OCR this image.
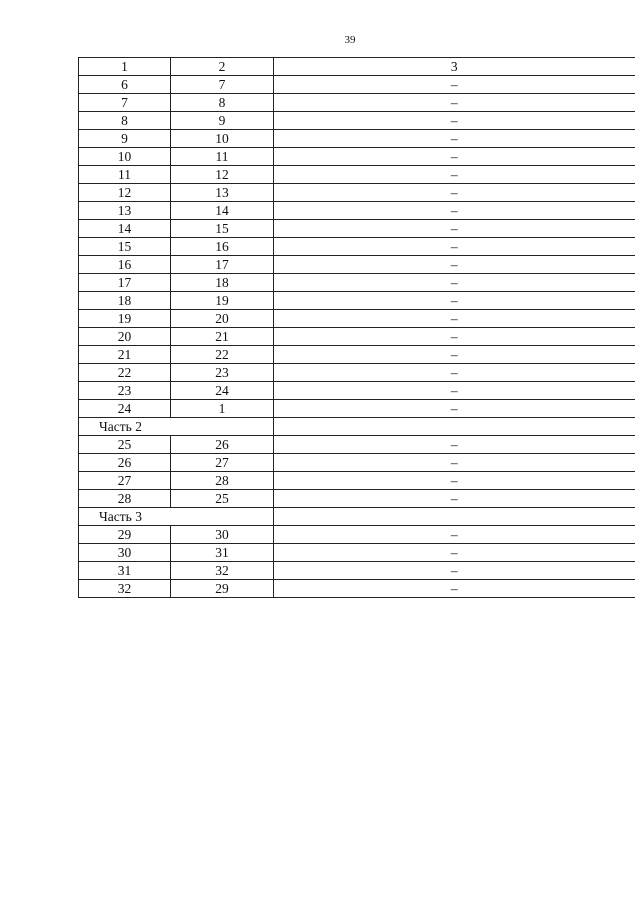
39
1	2	3
6	7	–
7	8	–
8	9	–
9	10	–
10	11	–
11	12	–
12	13	–
13	14	–
14	15	–
15	16	–
16	17	–
17	18	–
18	19	–
19	20	–
20	21	–
21	22	–
22	23	–
23	24	–
24	1	–
Часть 2		
25	26	–
26	27	–
27	28	–
28	25	–
Часть 3		
29	30	–
30	31	–
31	32	–
32	29	–
